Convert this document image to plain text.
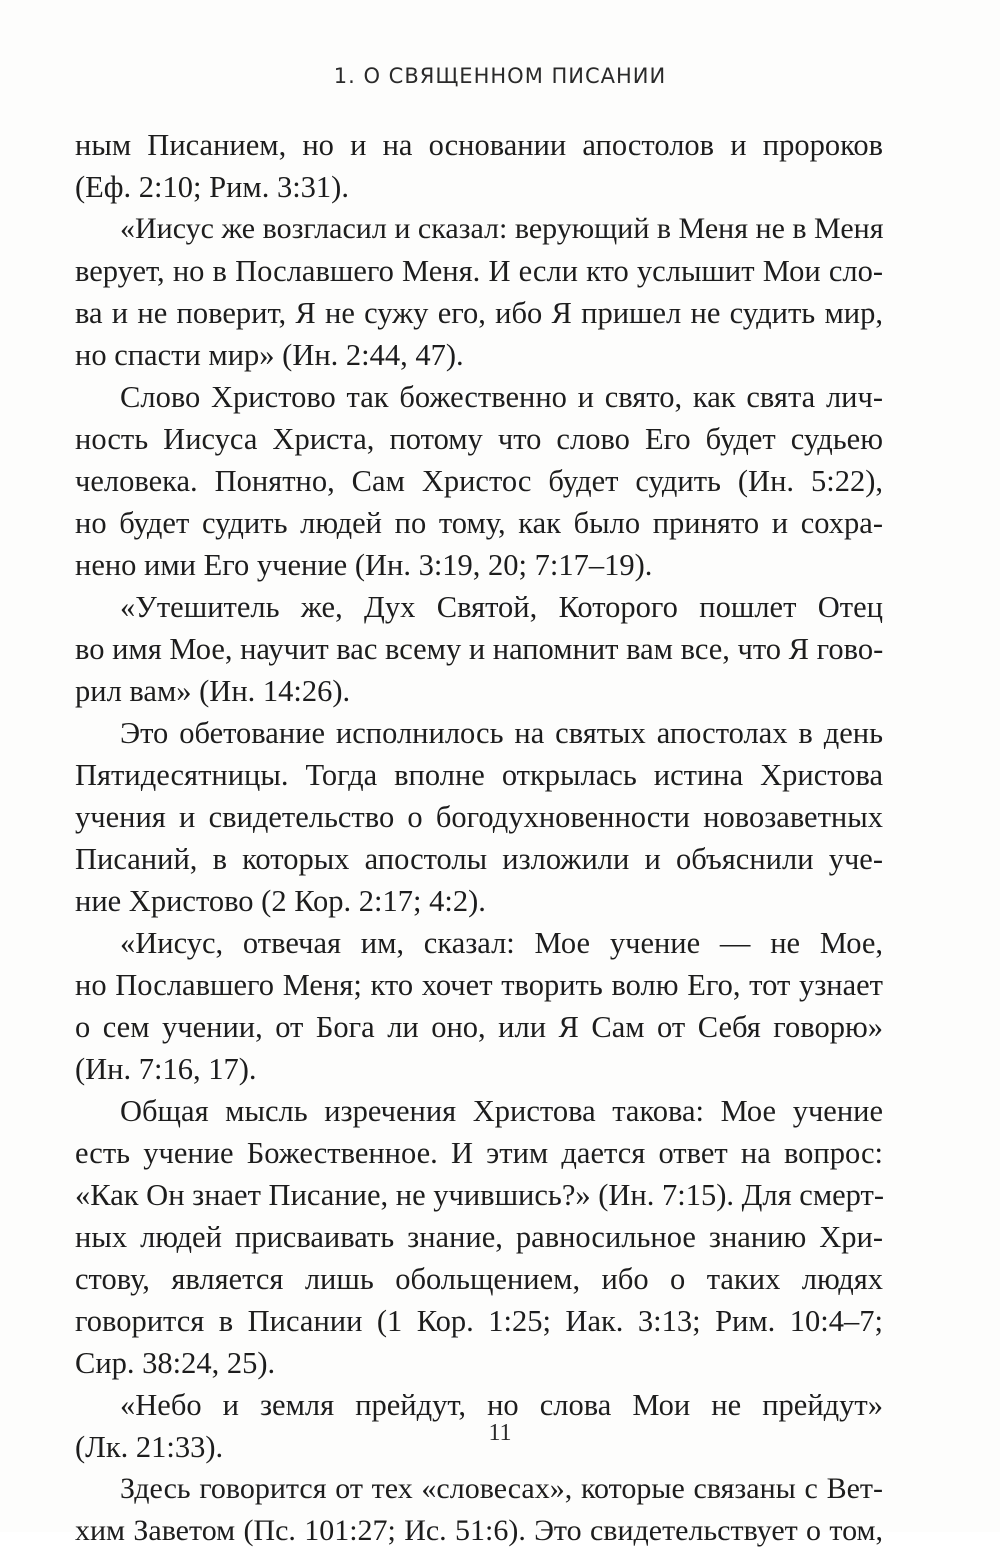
1. О СВЯЩЕННОМ ПИСАНИИ
ным Писанием, но и на основании апостолов и пророков
(Еф. 2:10; Рим. 3:31).
«Иисус же возгласил и сказал: верующий в Меня не в Меня
верует, но в Пославшего Меня. И если кто услышит Мои сло-
ва и не поверит, Я не сужу его, ибо Я пришел не судить мир,
но спасти мир» (Ин. 2:44, 47).
Слово Христово так божественно и свято, как свята лич-
ность Иисуса Христа, потому что слово Его будет судьею
человека. Понятно, Сам Христос будет судить (Ин. 5:22),
но будет судить людей по тому, как было принято и сохра-
нено ими Его учение (Ин. 3:19, 20; 7:17–19).
«Утешитель же, Дух Святой, Которого пошлет Отец
во имя Мое, научит вас всему и напомнит вам все, что Я гово-
рил вам» (Ин. 14:26).
Это обетование исполнилось на святых апостолах в день
Пятидесятницы. Тогда вполне открылась истина Христова
учения и свидетельство о богодухновенности новозаветных
Писаний, в которых апостолы изложили и объяснили уче-
ние Христово (2 Кор. 2:17; 4:2).
«Иисус, отвечая им, сказал: Мое учение — не Мое,
но Пославшего Меня; кто хочет творить волю Его, тот узнает
о сем учении, от Бога ли оно, или Я Сам от Себя говорю»
(Ин. 7:16, 17).
Общая мысль изречения Христова такова: Мое учение
есть учение Божественное. И этим дается ответ на вопрос:
«Как Он знает Писание, не учившись?» (Ин. 7:15). Для смерт-
ных людей присваивать знание, равносильное знанию Хри-
стову, является лишь обольщением, ибо о таких людях
говорится в Писании (1 Кор. 1:25; Иак. 3:13; Рим. 10:4–7;
Сир. 38:24, 25).
«Небо и земля прейдут, но слова Мои не прейдут»
(Лк. 21:33).
Здесь говорится от тех «словесах», которые связаны с Вет-
хим Заветом (Пс. 101:27; Ис. 51:6). Это свидетельствует о том,
11
